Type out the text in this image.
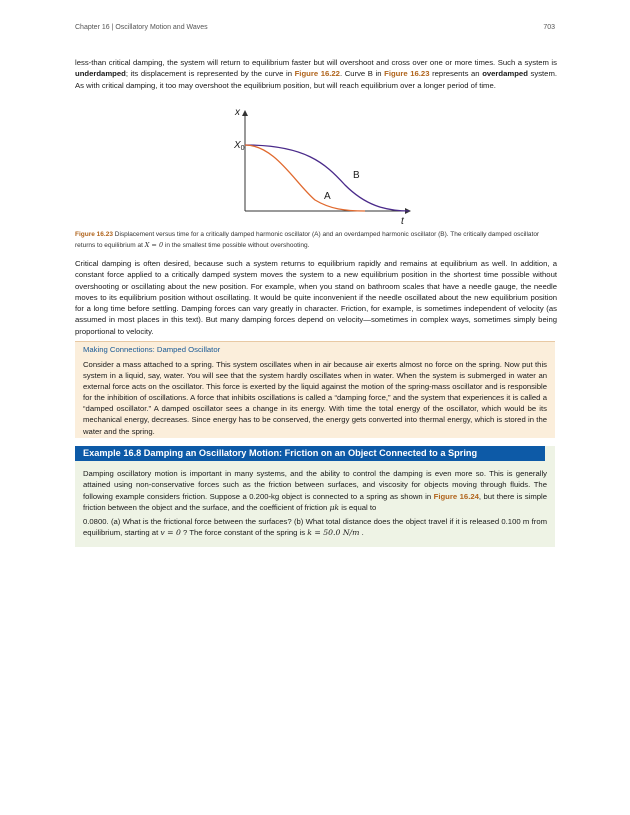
Chapter 16 | Oscillatory Motion and Waves	703

less-than critical damping, the system will return to equilibrium faster but will overshoot and cross over one or more times. Such a system is underdamped; its displacement is represented by the curve in Figure 16.22. Curve B in Figure 16.23 represents an overdamped system. As with critical damping, it too may overshoot the equilibrium position, but will reach equilibrium over a longer period of time.

x
t
$X_0$
B
A
Figure 16.23 Displacement versus time for a critically damped harmonic oscillator (A) and an overdamped harmonic oscillator (B). The critically damped oscillator returns to equilibrium at X = 0 in the smallest time possible without overshooting.

Critical damping is often desired, because such a system returns to equilibrium rapidly and remains at equilibrium as well. In addition, a constant force applied to a critically damped system moves the system to a new equilibrium position in the shortest time possible without overshooting or oscillating about the new position. For example, when you stand on bathroom scales that have a needle gauge, the needle moves to its equilibrium position without oscillating. It would be quite inconvenient if the needle oscillated about the new equilibrium position for a long time before settling. Damping forces can vary greatly in character. Friction, for example, is sometimes independent of velocity (as assumed in most places in this text). But many damping forces depend on velocity—sometimes in complex ways, sometimes simply being proportional to velocity.

Making Connections: Damped Oscillator

Consider a mass attached to a spring. This system oscillates when in air because air exerts almost no force on the spring. Now put this system in a liquid, say, water. You will see that the system hardly oscillates when in water. When the system is submerged in water an external force acts on the oscillator. This force is exerted by the liquid against the motion of the spring-mass oscillator and is responsible for the inhibition of oscillations. A force that inhibits oscillations is called a “damping force,” and the system that experiences it is called a “damped oscillator.” A damped oscillator sees a change in its energy. With time the total energy of the oscillator, which would be its mechanical energy, decreases. Since energy has to be conserved, the energy gets converted into thermal energy, which is stored in the water and the spring.

Example 16.8 Damping an Oscillatory Motion: Friction on an Object Connected to a Spring

Damping oscillatory motion is important in many systems, and the ability to control the damping is even more so. This is generally attained using non-conservative forces such as the friction between surfaces, and viscosity for objects moving through fluids. The following example considers friction. Suppose a 0.200-kg object is connected to a spring as shown in Figure 16.24, but there is simple friction between the object and the surface, and the coefficient of friction μk is equal to
0.0800. (a) What is the frictional force between the surfaces? (b) What total distance does the object travel if it is released 0.100 m from equilibrium, starting at v = 0 ? The force constant of the spring is k = 50.0 N/m .
